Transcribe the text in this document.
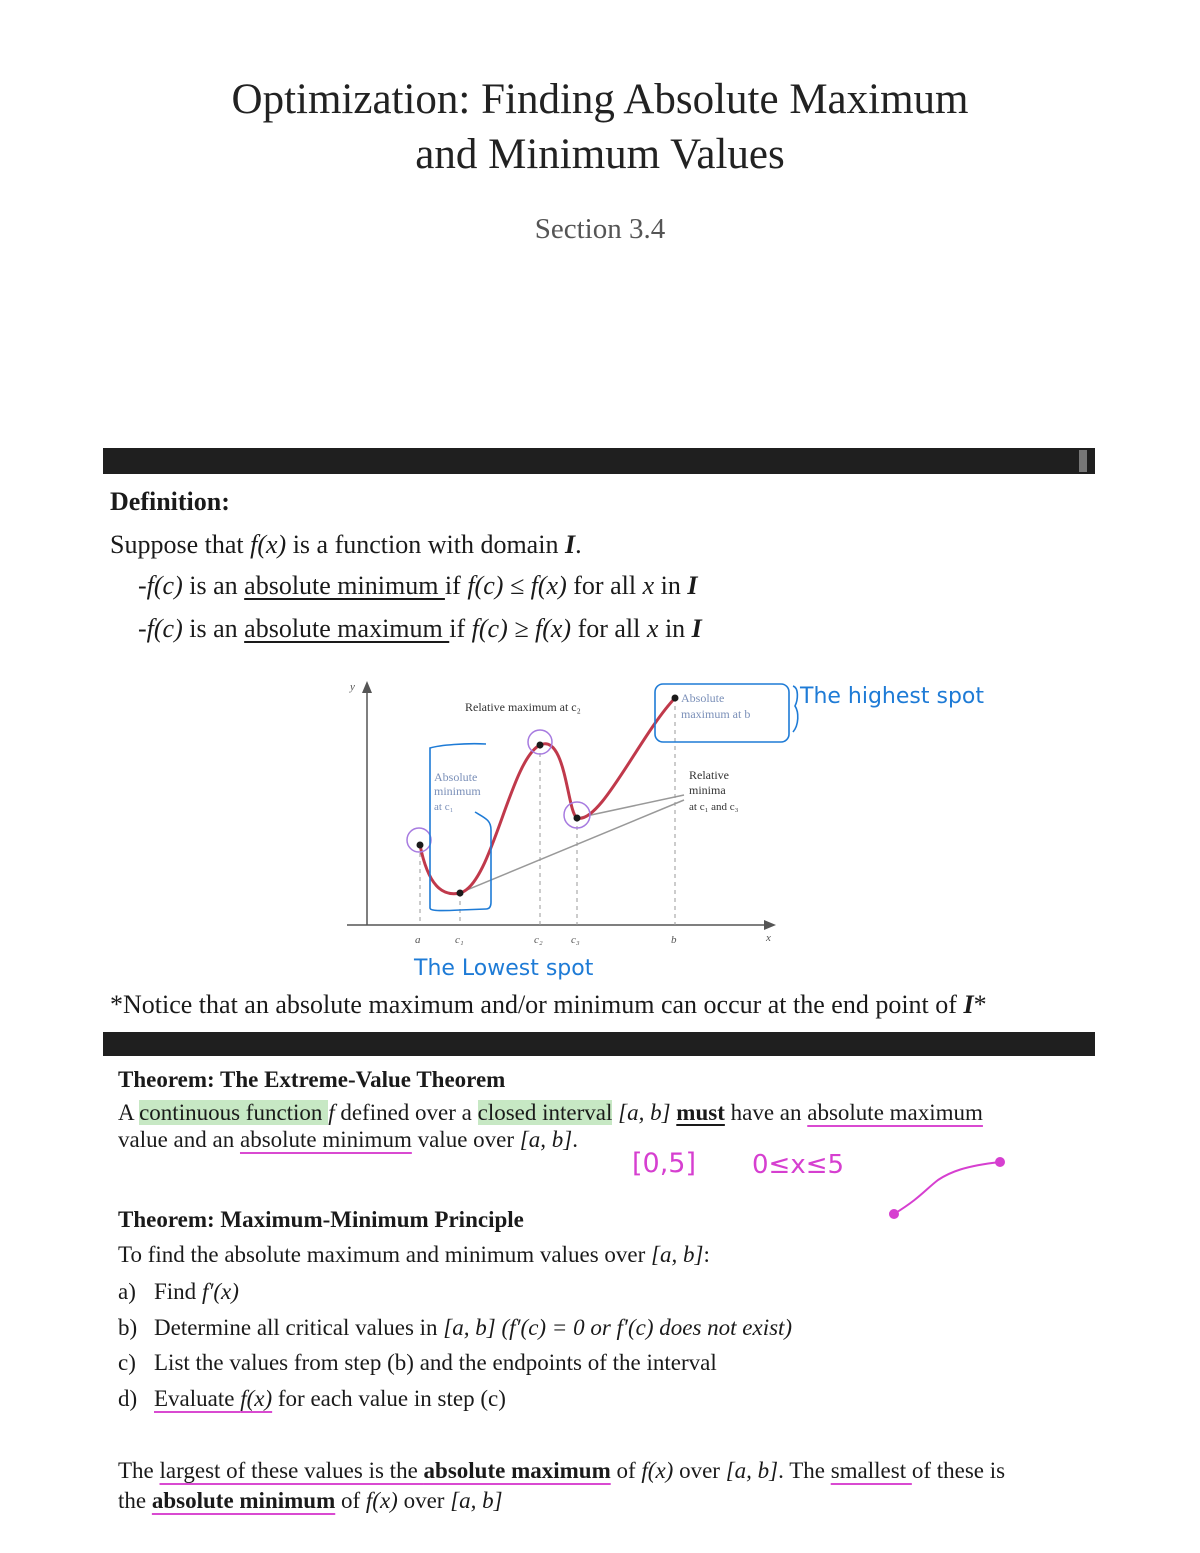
Optimization: Finding Absolute Maximum
and Minimum Values
Section 3.4
Definition:
Suppose that f(x) is a function with domain I.
-f(c) is an absolute minimum if f(c) ≤ f(x) for all x in I
-f(c) is an absolute maximum if f(c) ≥ f(x) for all x in I
y
x
Relative maximum at c₂
Absolute
maximum at b
Absolute
minimum
at c₁
Relative
minima
at c₁ and c₃
a	c₁	c₂	c₃	b
The highest spot
The Lowest spot
*Notice that an absolute maximum and/or minimum can occur at the end point of I*
Theorem: The Extreme-Value Theorem
A continuous function f defined over a closed interval [a, b] must have an absolute maximum
value and an absolute minimum value over [a, b].
[0,5] 0≤x≤5
Theorem: Maximum-Minimum Principle
To find the absolute maximum and minimum values over [a, b]:
a) Find f′(x)
b) Determine all critical values in [a, b] (f′(c) = 0 or f′(c) does not exist)
c) List the values from step (b) and the endpoints of the interval
d) Evaluate f(x) for each value in step (c)
The largest of these values is the absolute maximum of f(x) over [a, b]. The smallest of these is
the absolute minimum of f(x) over [a, b]
